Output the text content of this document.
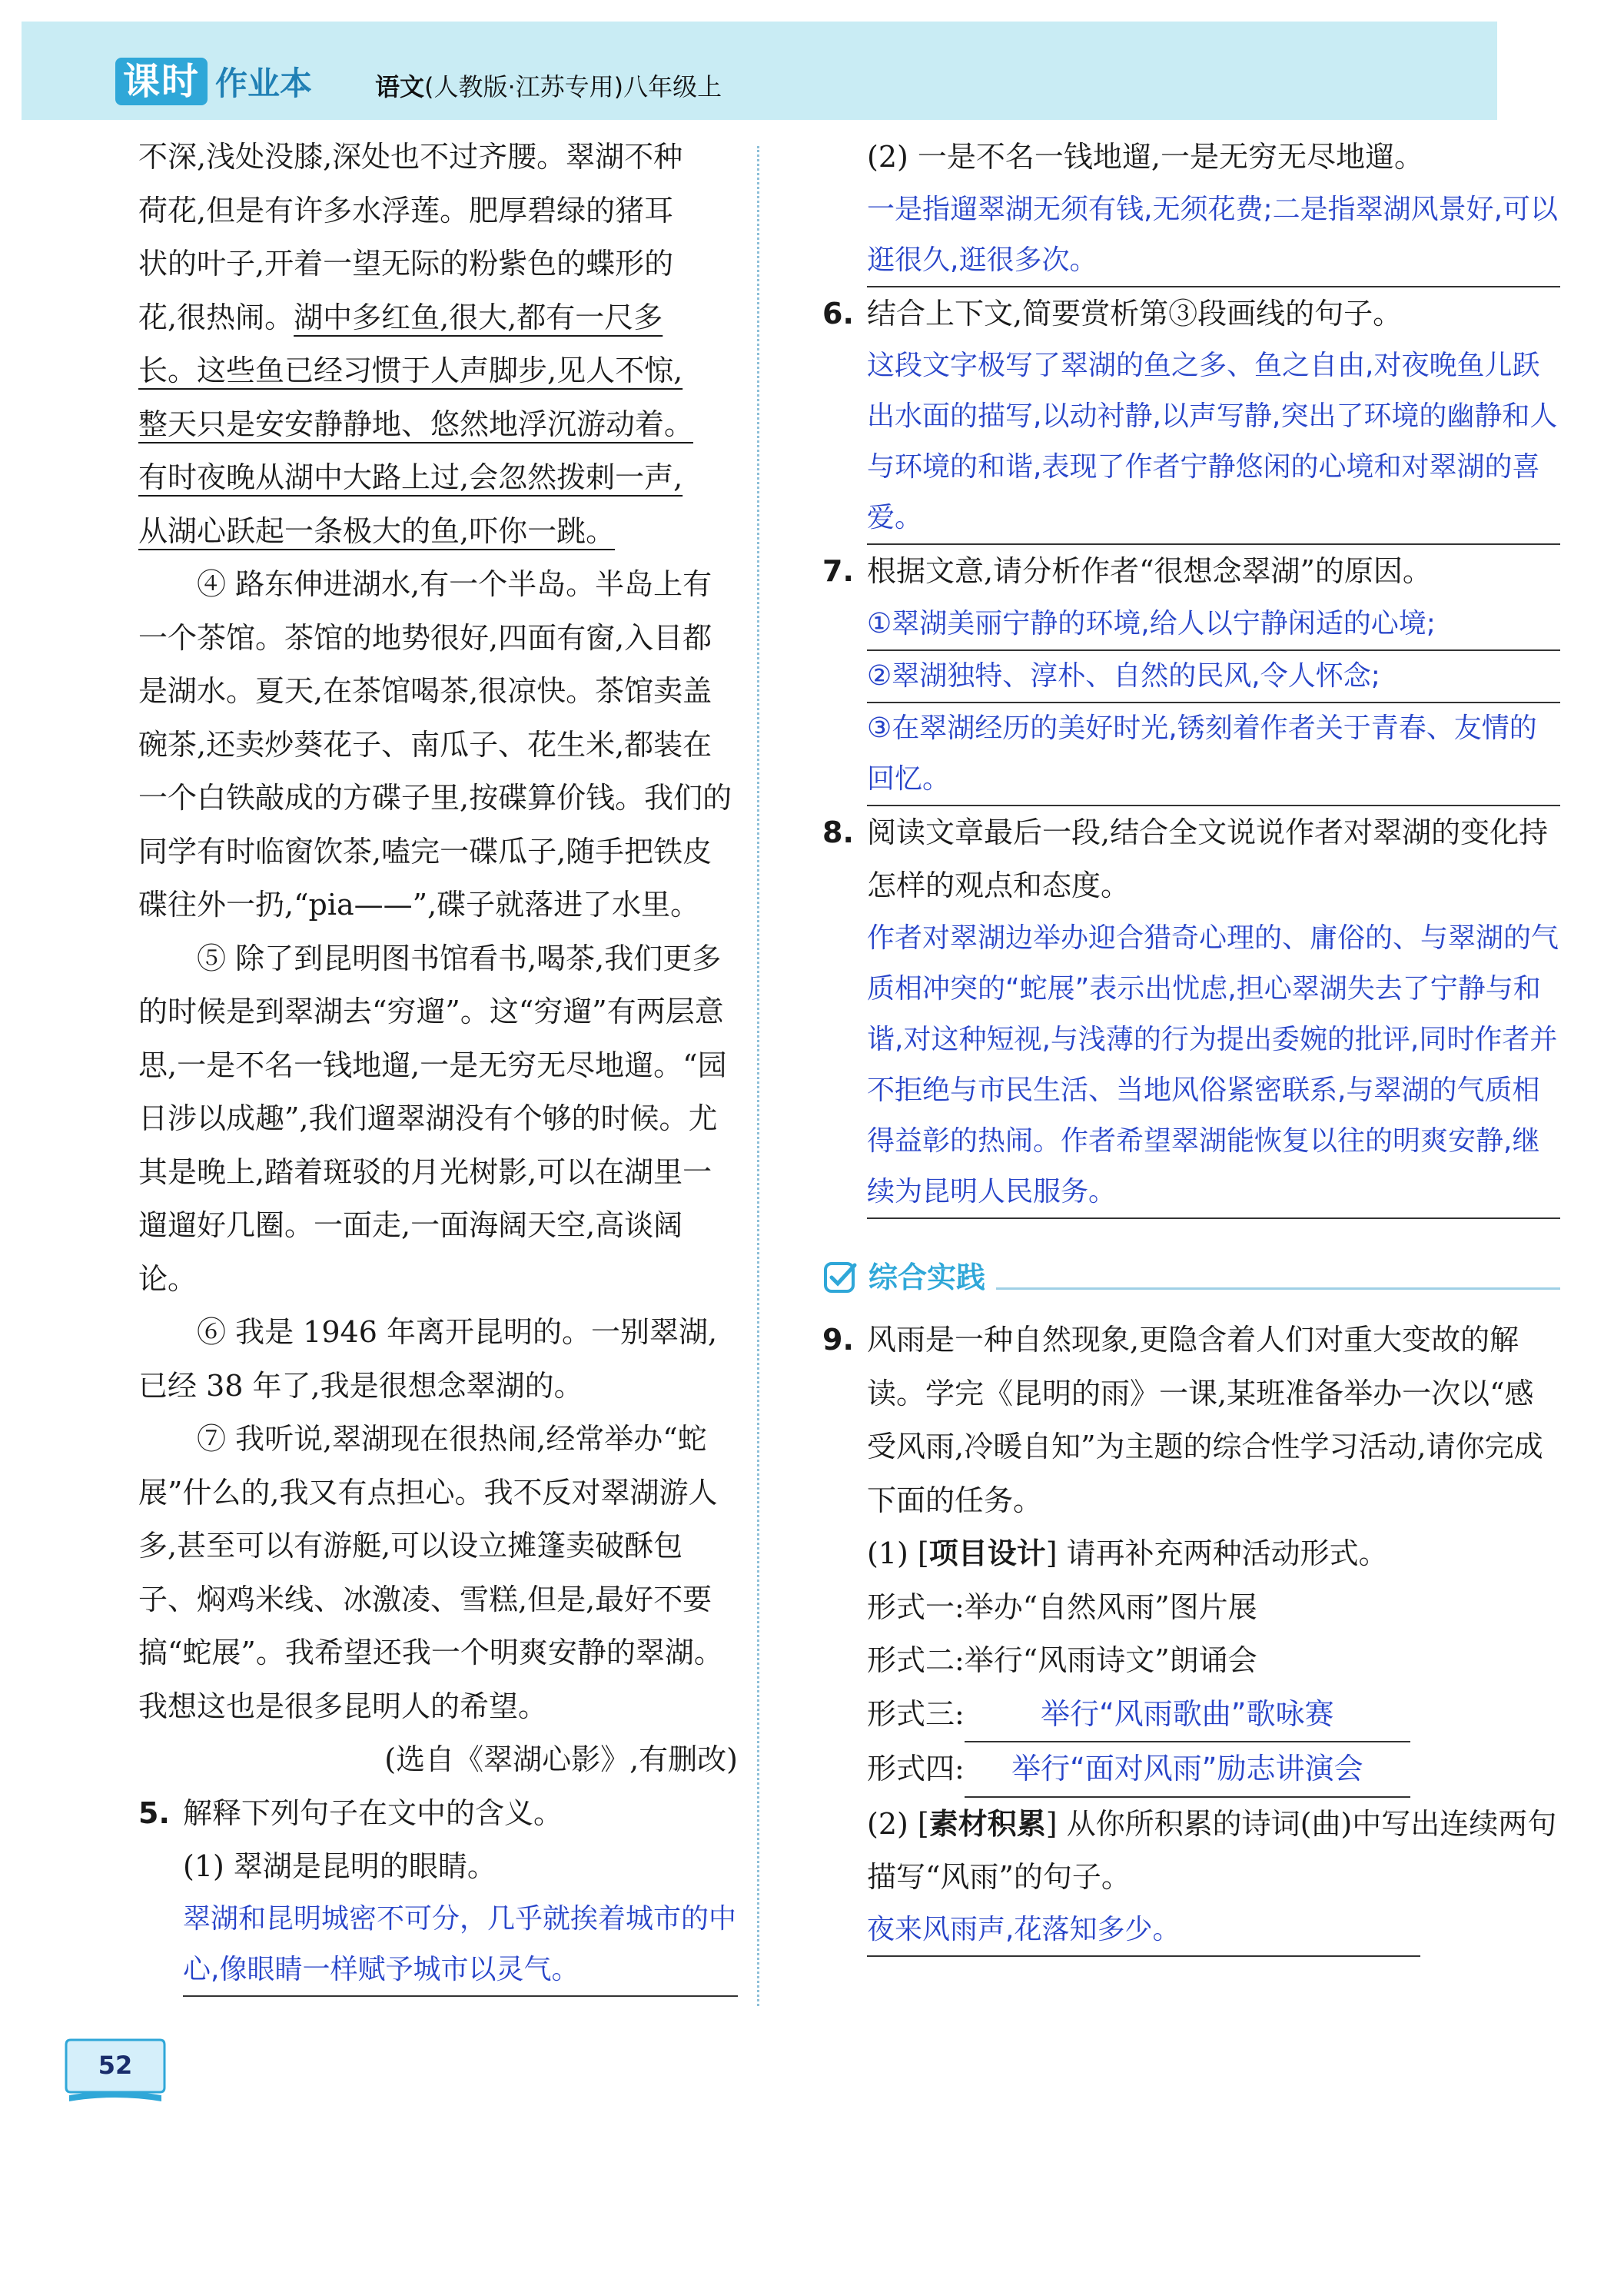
课时 作业本	语文(人教版·江苏专用)八年级上

不深,浅处没膝,深处也不过齐腰。翠湖不种
荷花,但是有许多水浮莲。肥厚碧绿的猪耳
状的叶子,开着一望无际的粉紫色的蝶形的
花,很热闹。湖中多红鱼,很大,都有一尺多
长。这些鱼已经习惯于人声脚步,见人不惊,
整天只是安安静静地、悠然地浮沉游动着。
有时夜晚从湖中大路上过,会忽然拨剌一声,
从湖心跃起一条极大的鱼,吓你一跳。

④ 路东伸进湖水,有一个半岛。半岛上有一个茶馆。茶馆的地势很好,四面有窗,入目都是湖水。夏天,在茶馆喝茶,很凉快。茶馆卖盖碗茶,还卖炒葵花子、南瓜子、花生米,都装在一个白铁敲成的方碟子里,按碟算价钱。我们的同学有时临窗饮茶,嗑完一碟瓜子,随手把铁皮碟往外一扔,“pia——”,碟子就落进了水里。

⑤ 除了到昆明图书馆看书,喝茶,我们更多的时候是到翠湖去“穷遛”。这“穷遛”有两层意思,一是不名一钱地遛,一是无穷无尽地遛。“园日涉以成趣”,我们遛翠湖没有个够的时候。尤其是晚上,踏着斑驳的月光树影,可以在湖里一遛遛好几圈。一面走,一面海阔天空,高谈阔论。

⑥ 我是 1946 年离开昆明的。一别翠湖,已经 38 年了,我是很想念翠湖的。

⑦ 我听说,翠湖现在很热闹,经常举办“蛇展”什么的,我又有点担心。我不反对翠湖游人多,甚至可以有游艇,可以设立摊篷卖破酥包子、焖鸡米线、冰激凌、雪糕,但是,最好不要搞“蛇展”。我希望还我一个明爽安静的翠湖。我想这也是很多昆明人的希望。

(选自《翠湖心影》,有删改)

5. 解释下列句子在文中的含义。

(1) 翠湖是昆明的眼睛。

翠湖和昆明城密不可分，几乎就挨着城市的中心,像眼睛一样赋予城市以灵气。

(2) 一是不名一钱地遛,一是无穷无尽地遛。

一是指遛翠湖无须有钱,无须花费;二是指翠湖风景好,可以逛很久,逛很多次。

6. 结合上下文,简要赏析第③段画线的句子。

这段文字极写了翠湖的鱼之多、鱼之自由,对夜晚鱼儿跃出水面的描写,以动衬静,以声写静,突出了环境的幽静和人与环境的和谐,表现了作者宁静悠闲的心境和对翠湖的喜爱。

7. 根据文意,请分析作者“很想念翠湖”的原因。

①翠湖美丽宁静的环境,给人以宁静闲适的心境;

②翠湖独特、淳朴、自然的民风,令人怀念;

③在翠湖经历的美好时光,锈刻着作者关于青春、友情的回忆。

8. 阅读文章最后一段,结合全文说说作者对翠湖的变化持怎样的观点和态度。

作者对翠湖边举办迎合猎奇心理的、庸俗的、与翠湖的气质相冲突的“蛇展”表示出忧虑,担心翠湖失去了宁静与和谐,对这种短视,与浅薄的行为提出委婉的批评,同时作者并不拒绝与市民生活、当地风俗紧密联系,与翠湖的气质相得益彰的热闹。作者希望翠湖能恢复以往的明爽安静,继续为昆明人民服务。

综合实践
9. 风雨是一种自然现象,更隐含着人们对重大变故的解读。学完《昆明的雨》一课,某班准备举办一次以“感受风雨,冷暖自知”为主题的综合性学习活动,请你完成下面的任务。

(1) [项目设计] 请再补充两种活动形式。

形式一:举办“自然风雨”图片展

形式二:举行“风雨诗文”朗诵会

形式三:	举行“风雨歌曲”歌咏赛
形式四:	举行“面对风雨”励志讲演会

(2) [素材积累] 从你所积累的诗词(曲)中写出连续两句描写“风雨”的句子。

夜来风雨声,花落知多少。

52
